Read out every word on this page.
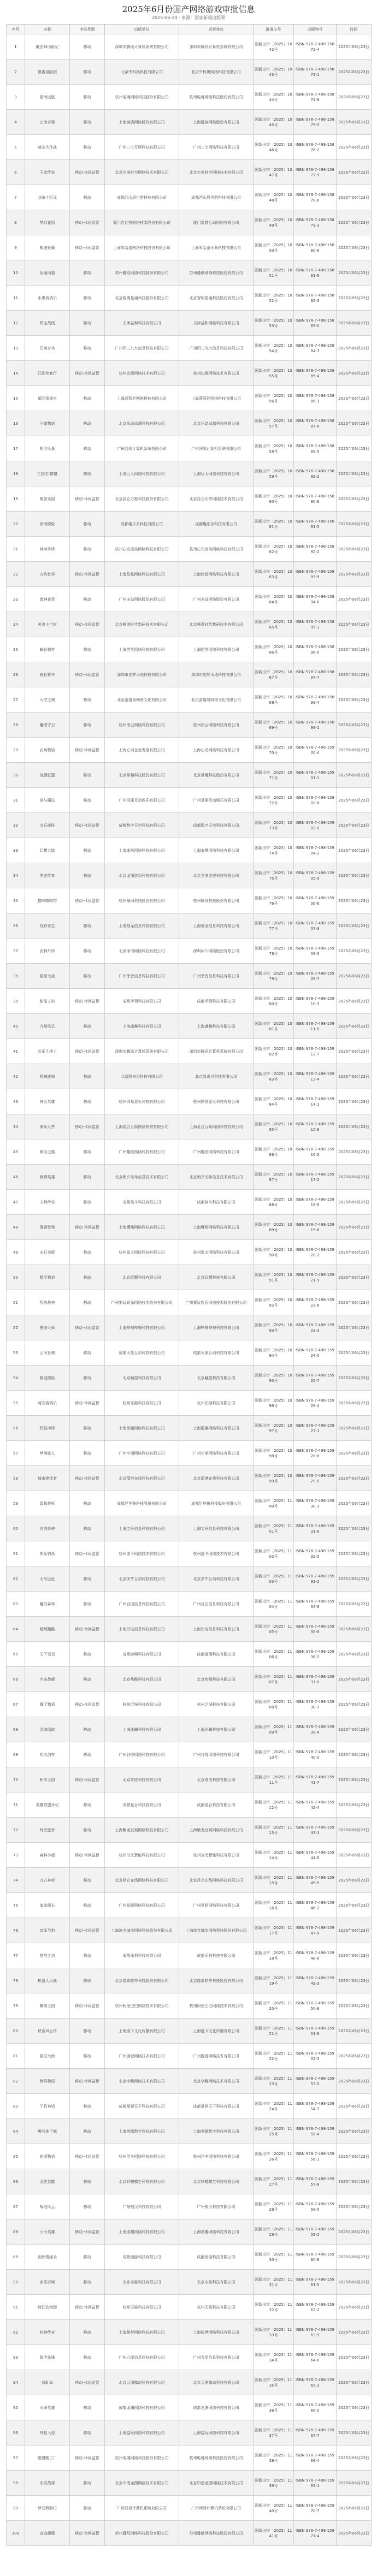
2025年6月份国产网络游戏审批信息
2025-06-24 · 来源：国家新闻出版署
序号	名称	申报类别	出版单位	运营单位	批准文号	出版物号	时间
1	魔法师历险记	移动	深圳市腾讯计算机系统有限公司	深圳市腾讯计算机系统有限公司	国新出审〔2025〕1042号	ISBN 978-7-498-15872-4	2025年06月23日
2	像素冒险团	移动	北京中科奥科技有限公司	北京中科奥网络科技有限公司	国新出审〔2025〕1043号	ISBN 978-7-498-15873-1	2025年06月23日
3	星海远航	移动	杭州电魂网络科技股份有限公司	杭州电魂网络科技股份有限公司	国新出审〔2025〕1044号	ISBN 978-7-498-15874-8	2025年06月23日
4	山海奇缘	移动	上海游族网络股份有限公司	上海游族网络股份有限公司	国新出审〔2025〕1045号	ISBN 978-7-498-15875-5	2025年06月23日
5	萌宠大作战	移动	广州三七互娱科技有限公司	广州三七网络科技有限公司	国新出审〔2025〕1046号	ISBN 978-7-498-15876-2	2025年06月23日
6	王者传说	移动-休闲益智	北京完美时空网络技术有限公司	北京完美时空网络技术有限公司	国新出审〔2025〕1047号	ISBN 978-7-498-15877-9	2025年06月23日
7	龙骑士纪元	移动	成都西山居世游科技有限公司	成都西山居世游科技有限公司	国新出审〔2025〕1048号	ISBN 978-7-498-15878-6	2025年06月23日
8	梦幻花园	移动-休闲益智	厦门吉比特网络技术股份有限公司	厦门雷霆互动网络有限公司	国新出审〔2025〕1049号	ISBN 978-7-498-15879-3	2025年06月23日
9	极速狂飙	移动-休闲益智	上海米哈游网络科技股份有限公司	上海米哈游天命科技有限公司	国新出审〔2025〕1050号	ISBN 978-7-498-15880-9	2025年06月23日
10	仙途问道	移动	苏州叠纸网络科技股份有限公司	苏州叠纸网络科技股份有限公司	国新出审〔2025〕1051号	ISBN 978-7-498-15881-6	2025年06月23日
11	水果消消乐	移动	北京智明星通科技股份有限公司	北京智明星通科技股份有限公司	国新出审〔2025〕1052号	ISBN 978-7-498-15882-3	2025年06月23日
12	铁血战线	移动	天津益和科技有限公司	天津益和网络科技有限公司	国新出审〔2025〕1053号	ISBN 978-7-498-15883-0	2025年06月23日
13	幻境奇兵	移动	广州四三九九信息科技有限公司	广州四三九九信息科技有限公司	国新出审〔2025〕1054号	ISBN 978-7-498-15884-7	2025年06月23日
14	江湖侠客行	移动-休闲益智	杭州边锋网络技术有限公司	杭州边锋网络技术有限公司	国新出审〔2025〕1055号	ISBN 978-7-498-15885-4	2025年06月23日
15	星际指挥官	移动	上海莉莉丝网络科技有限公司	上海莉莉丝网络科技有限公司	国新出审〔2025〕1056号	ISBN 978-7-498-15886-1	2025年06月23日
16	小镇物语	移动	北京乐动卓越科技有限公司	北京乐动卓越科技有限公司	国新出审〔2025〕1057号	ISBN 978-7-498-15887-8	2025年06月23日
17	机甲风暴	移动	广州网易计算机系统有限公司	广州网易计算机系统有限公司	国新出审〔2025〕1058号	ISBN 978-7-498-15888-5	2025年06月23日
18	三国志·群雄	移动	上海巨人网络科技有限公司	上海巨人网络科技有限公司	国新出审〔2025〕1059号	ISBN 978-7-498-15889-2	2025年06月23日
19	萌兽乐园	移动-休闲益智	北京昆仑万维科技股份有限公司	北京昆仑乐享网络技术有限公司	国新出审〔2025〕1060号	ISBN 978-7-498-15890-8	2025年06月23日
20	深海探险	移动	成都趣乐多科技有限公司	成都趣乐多科技有限公司	国新出审〔2025〕1061号	ISBN 978-7-498-15891-5	2025年06月23日
21	神域争锋	移动	杭州心光流美网络科技有限公司	杭州心光流美网络科技有限公司	国新出审〔2025〕1062号	ISBN 978-7-498-15892-2	2025年06月23日
22	方块世界	移动-休闲益智	上海悠星网络科技有限公司	上海悠星网络科技有限公司	国新出审〔2025〕1063号	ISBN 978-7-498-15893-9	2025年06月23日
23	诸神黄昏	移动	广州多益网络股份有限公司	广州多益网络股份有限公司	国新出审〔2025〕1064号	ISBN 978-7-498-15894-6	2025年06月23日
24	美食小当家	移动-休闲益智	北京畅游时代数码技术有限公司	北京畅游时代数码技术有限公司	国新出审〔2025〕1065号	ISBN 978-7-498-15895-3	2025年06月23日
25	暗影刺客	移动	上海恺英网络科技有限公司	上海恺英网络科技有限公司	国新出审〔2025〕1066号	ISBN 978-7-498-15896-0	2025年06月23日
26	疯狂赛车	移动-休闲益智	深圳市创梦天地科技有限公司	深圳市创梦天地科技有限公司	国新出审〔2025〕1067号	ISBN 978-7-498-15897-7	2025年06月23日
27	天空之城	移动	北京游道易网络文化有限公司	北京游道易网络文化有限公司	国新出审〔2025〕1068号	ISBN 978-7-498-15898-4	2025年06月23日
28	魔塔守卫	移动	杭州浮云网络科技有限公司	杭州浮云网络科技有限公司	国新出审〔2025〕1069号	ISBN 978-7-498-15899-1	2025年06月23日
29	农场物语	移动-休闲益智	上海心动企业发展有限公司	上海心动网络科技有限公司	国新出审〔2025〕1070号	ISBN 978-7-498-15900-4	2025年06月23日
30	战舰联盟	移动	北京掌趣科技股份有限公司	北京掌趣科技股份有限公司	国新出审〔2025〕1071号	ISBN 978-7-498-15901-1	2025年06月23日
31	剑与魔法	移动	广州灵犀互动娱乐有限公司	广州灵犀互动娱乐有限公司	国新出审〔2025〕1072号	ISBN 978-7-498-15902-8	2025年06月23日
32	宝石迷阵	移动-休闲益智	成都数字天空科技有限公司	成都数字天空科技有限公司	国新出审〔2025〕1073号	ISBN 978-7-498-15903-5	2025年06月23日
33	幻想大陆	移动	上海蛮啾网络科技有限公司	上海蛮啾网络科技有限公司	国新出审〔2025〕1074号	ISBN 978-7-498-15904-2	2025年06月23日
34	勇者传奇	移动	北京龙图游戏科技有限公司	北京龙图游戏科技有限公司	国新出审〔2025〕1075号	ISBN 978-7-498-15905-9	2025年06月23日
35	猫咪咖啡馆	移动-休闲益智	杭州顺网科技股份有限公司	杭州顺网科技股份有限公司	国新出审〔2025〕1076号	ISBN 978-7-498-15906-6	2025年06月23日
36	荒野求生	移动	上海烛龙信息科技有限公司	上海烛龙信息科技有限公司	国新出审〔2025〕1077号	ISBN 978-7-498-15907-3	2025年06月23日
37	武林外传	移动	北京冰川网络科技有限公司	深圳冰川网络股份有限公司	国新出审〔2025〕1078号	ISBN 978-7-498-15908-0	2025年06月23日
38	星球大战	移动	广州菲音信息科技有限公司	广州菲音信息科技有限公司	国新出审〔2025〕1079号	ISBN 978-7-498-15909-7	2025年06月23日
39	甜品工坊	移动-休闲益智	成都手领科技有限公司	成都手领科技有限公司	国新出审〔2025〕1080号	ISBN 978-7-498-15910-3	2025年06月23日
40	九州风云	移动	上海盛趣科技有限公司	上海盛趣科技有限公司	国新出审〔2025〕1081号	ISBN 978-7-498-15911-0	2025年06月23日
41	欢乐斗地主	移动-休闲益智	深圳市腾讯计算机系统有限公司	深圳市腾讯计算机系统有限公司	国新出审〔2025〕1082号	ISBN 978-7-498-15912-7	2025年06月23日
42	机械迷城	移动	北京凯奇谷科技有限公司	北京凯奇谷科技有限公司	国新出审〔2025〕1083号	ISBN 978-7-498-15913-4	2025年06月23日
43	神话英雄	移动	杭州网易雷火科技有限公司	杭州网易雷火科技有限公司	国新出审〔2025〕1084号	ISBN 978-7-498-15914-1	2025年06月23日
44	海岛大亨	移动-休闲益智	上海星合互娱网络科技有限公司	上海星合互娱网络科技有限公司	国新出审〔2025〕1085号	ISBN 978-7-498-15915-8	2025年06月23日
45	修仙之路	移动	广州趣炫网络科技有限公司	广州趣炫网络科技有限公司	国新出审〔2025〕1086号	ISBN 978-7-498-15916-5	2025年06月23日
46	弹弹英雄	移动	北京朝夕光年信息技术有限公司	北京朝夕光年信息技术有限公司	国新出审〔2025〕1087号	ISBN 978-7-498-15917-2	2025年06月23日
47	卡牌传说	移动	成都格斗科技有限公司	成都格斗科技有限公司	国新出审〔2025〕1088号	ISBN 978-7-498-15918-9	2025年06月23日
48	像素牧场	移动-休闲益智	上海鹰角网络科技有限公司	上海鹰角网络科技有限公司	国新出审〔2025〕1089号	ISBN 978-7-498-15919-6	2025年06月23日
49	末日余晖	移动	杭州雷火网络科技有限公司	杭州雷火网络科技有限公司	国新出审〔2025〕1090号	ISBN 978-7-498-15920-2	2025年06月23日
50	精灵物语	移动	北京玩蟹科技有限公司	北京玩蟹科技有限公司	国新出审〔2025〕1091号	ISBN 978-7-498-15921-9	2025年06月23日
51	烈焰战神	移动	广州要玩娱乐网络技术股份有限公司	广州要玩娱乐网络技术股份有限公司	国新出审〔2025〕1092号	ISBN 978-7-498-15922-6	2025年06月23日
52	拼图大师	移动-休闲益智	上海哔哩哔哩科技有限公司	上海哔哩哔哩科技有限公司	国新出审〔2025〕1093号	ISBN 978-7-498-15923-3	2025年06月23日
53	山河社稷	移动	成都天象互动科技有限公司	成都天象互动科技有限公司	国新出审〔2025〕1094号	ISBN 978-7-498-15924-0	2025年06月23日
54	极地探险	移动	北京触控科技有限公司	北京触控科技有限公司	国新出审〔2025〕1095号	ISBN 978-7-498-15925-7	2025年06月23日
55	萌宠消消乐	移动-休闲益智	杭州乐港科技有限公司	杭州乐港科技有限公司	国新出审〔2025〕1096号	ISBN 978-7-498-15926-4	2025年06月23日
56	铁骑冲锋	移动	上海散爆网络科技有限公司	上海散爆网络科技有限公司	国新出审〔2025〕1097号	ISBN 978-7-498-15927-1	2025年06月23日
57	梦境旅人	移动	广州小朋网络科技有限公司	广州小朋网络科技有限公司	国新出审〔2025〕1098号	ISBN 978-7-498-15928-8	2025年06月23日
58	城市建造者	移动-休闲益智	北京蓝港在线科技有限公司	北京蓝港在线科技有限公司	国新出审〔2025〕1099号	ISBN 978-7-498-15929-5	2025年06月23日
59	雷霆战机	移动	成都尼毕鲁科技股份有限公司	成都尼毕鲁科技股份有限公司	国新出审〔2025〕1100号	ISBN 978-7-498-15930-1	2025年06月23日
60	古剑奇侠	移动	上海宝开信息科技有限公司	上海宝开信息科技有限公司	国新出审〔2025〕1101号	ISBN 978-7-498-15931-8	2025年06月23日
61	快乐钓鱼	移动-休闲益智	杭州游卡网络技术有限公司	杭州游卡网络技术有限公司	国新出审〔2025〕1102号	ISBN 978-7-498-15932-5	2025年06月23日
62	无尽远征	移动	北京多牛互动科技有限公司	北京多牛互动科技有限公司	国新出审〔2025〕1103号	ISBN 978-7-498-15933-2	2025年06月23日
63	魔幻森林	移动	广州百田信息科技有限公司	广州百田信息科技有限公司	国新出审〔2025〕1104号	ISBN 978-7-498-15934-9	2025年06月23日
64	超级跑酷	移动-休闲益智	上海幻电信息科技有限公司	上海幻电信息科技有限公司	国新出审〔2025〕1105号	ISBN 978-7-498-15935-6	2025年06月23日
65	天下无双	移动	成都游熊科技有限公司	成都游熊科技有限公司	国新出审〔2025〕1106号	ISBN 978-7-498-15936-3	2025年06月23日
66	宇宙战舰	移动	北京热酷科技有限公司	北京热酷科技有限公司	国新出审〔2025〕1107号	ISBN 978-7-498-15937-0	2025年06月23日
67	餐厅物语	移动-休闲益智	杭州泛城科技有限公司	杭州泛城科技有限公司	国新出审〔2025〕1108号	ISBN 978-7-498-15938-7	2025年06月23日
68	灵域仙踪	移动	上海沐瞳科技有限公司	上海沐瞳科技有限公司	国新出审〔2025〕1109号	ISBN 978-7-498-15939-4	2025年06月23日
69	疾风剑客	移动	广州谷得网络科技有限公司	广州谷得网络科技有限公司	国新出审〔2025〕1110号	ISBN 978-7-498-15940-0	2025年06月23日
70	积木王国	移动-休闲益智	北京奇虎科技有限公司	北京奇虎科技有限公司	国新出审〔2025〕1111号	ISBN 978-7-498-15941-7	2025年06月23日
71	英雄联盟手记	移动	成都星合科技有限公司	成都星合科技有限公司	国新出审〔2025〕1112号	ISBN 978-7-498-15942-4	2025年06月23日
72	时空旅者	移动	上海紫龙互娱网络科技有限公司	上海紫龙互娱网络科技有限公司	国新出审〔2025〕1113号	ISBN 978-7-498-15943-1	2025年06月23日
73	森林小屋	移动-休闲益智	杭州分叉智能科技有限公司	杭州分叉智能科技有限公司	国新出审〔2025〕1114号	ISBN 978-7-498-15944-8	2025年06月23日
74	万古神帝	移动	北京昆仑在线网络科技有限公司	北京昆仑在线网络科技有限公司	国新出审〔2025〕1115号	ISBN 978-7-498-15945-5	2025年06月23日
75	海盗船长	移动	广州易娱网络科技有限公司	广州易娱网络科技有限公司	国新出审〔2025〕1116号	ISBN 978-7-498-15946-2	2025年06月23日
76	音乐节拍	移动-休闲益智	上海波克城市网络科技股份有限公司	上海波克城市网络科技股份有限公司	国新出审〔2025〕1117号	ISBN 978-7-498-15947-9	2025年06月23日
77	苍穹之剑	移动	成都乐狗科技有限公司	成都乐狗科技有限公司	国新出审〔2025〕1118号	ISBN 978-7-498-15948-6	2025年06月23日
78	机器人大战	移动	北京像素软件科技股份有限公司	北京像素软件科技股份有限公司	国新出审〔2025〕1119号	ISBN 978-7-498-15949-3	2025年06月23日
79	糖果王国	移动-休闲益智	杭州阿里巴巴网络技术有限公司	杭州阿里巴巴网络技术有限公司	国新出审〔2025〕1120号	ISBN 978-7-498-15950-9	2025年06月23日
80	侠客风云传	移动	上海游卡文化传播有限公司	上海游卡文化传播有限公司	国新出审〔2025〕1121号	ISBN 978-7-498-15951-6	2025年06月23日
81	星辰大海	移动	广州游爱网络技术有限公司	广州游爱网络技术有限公司	国新出审〔2025〕1122号	ISBN 978-7-498-15952-3	2025年06月23日
82	弹珠物语	移动-休闲益智	北京字跳网络技术有限公司	北京字跳网络技术有限公司	国新出审〔2025〕1123号	ISBN 978-7-498-15953-0	2025年06月23日
83	不朽神话	移动	成都掌娱天下科技有限公司	成都掌娱天下科技有限公司	国新出审〔2025〕1124号	ISBN 978-7-498-15954-7	2025年06月23日
84	勇闯地下城	移动	上海英佩数字科技有限公司	上海英佩数字科技有限公司	国新出审〔2025〕1125号	ISBN 978-7-498-15955-4	2025年06月23日
85	花园物语	移动-休闲益智	杭州浮冬网络科技有限公司	杭州浮冬网络科技有限公司	国新出审〔2025〕1126号	ISBN 978-7-498-15956-1	2025年06月23日
86	龙族觉醒	移动	北京妙趣横生科技有限公司	北京妙趣横生科技有限公司	国新出审〔2025〕1127号	ISBN 978-7-498-15957-8	2025年06月23日
87	战地风云	移动	广州银汉科技有限公司	广州银汉科技有限公司	国新出审〔2025〕1128号	ISBN 978-7-498-15958-5	2025年06月23日
88	小小英雄	移动-休闲益智	上海派趣网络科技有限公司	上海派趣网络科技有限公司	国新出审〔2025〕1129号	ISBN 978-7-498-15959-2	2025年06月23日
89	剑侠情缘录	移动	成都西游科技有限公司	成都西游科技有限公司	国新出审〔2025〕1130号	ISBN 978-7-498-15960-8	2025年06月23日
90	冰雪奇境	移动	北京永航科技有限公司	北京永航科技有限公司	国新出审〔2025〕1131号	ISBN 978-7-498-15961-5	2025年06月23日
91	疯狂动物园	移动-休闲益智	杭州天格科技有限公司	杭州天格科技有限公司	国新出审〔2025〕1132号	ISBN 978-7-498-15962-2	2025年06月23日
92	封神传奇	移动	上海骏梦网络科技有限公司	上海骏梦网络科技有限公司	国新出审〔2025〕1133号	ISBN 978-7-498-15963-9	2025年06月23日
93	装甲先锋	移动	广州九尾信息科技有限公司	广州九尾信息科技有限公司	国新出审〔2025〕1134号	ISBN 978-7-498-15964-6	2025年06月23日
94	彩虹岛	移动-休闲益智	北京云图微动科技有限公司	北京云图微动科技有限公司	国新出审〔2025〕1135号	ISBN 978-7-498-15965-3	2025年06月23日
95	天命英雄	移动	成都龙渊网络科技有限公司	成都龙渊网络科技有限公司	国新出审〔2025〕1136号	ISBN 978-7-498-15966-0	2025年06月23日
96	外星入侵	移动	上海益玩网络科技有限公司	上海益玩网络科技有限公司	国新出审〔2025〕1137号	ISBN 978-7-498-15967-7	2025年06月23日
97	甜甜圈工厂	移动-休闲益智	杭州电魂网络科技股份有限公司	杭州电魂网络科技股份有限公司	国新出审〔2025〕1138号	ISBN 978-7-498-15968-4	2025年06月23日
98	无双战将	移动	北京中清龙图网络技术有限公司	北京中清龙图网络技术有限公司	国新出审〔2025〕1139号	ISBN 978-7-498-15969-1	2025年06月23日
99	梦幻西游记	移动	广州网易计算机系统有限公司	广州网易计算机系统有限公司	国新出审〔2025〕1140号	ISBN 978-7-498-15970-7	2025年06月23日
100	奇迹暖暖	移动-休闲益智	苏州叠纸网络科技股份有限公司	苏州叠纸网络科技股份有限公司	国新出审〔2025〕1141号	ISBN 978-7-498-15971-4	2025年06月23日
